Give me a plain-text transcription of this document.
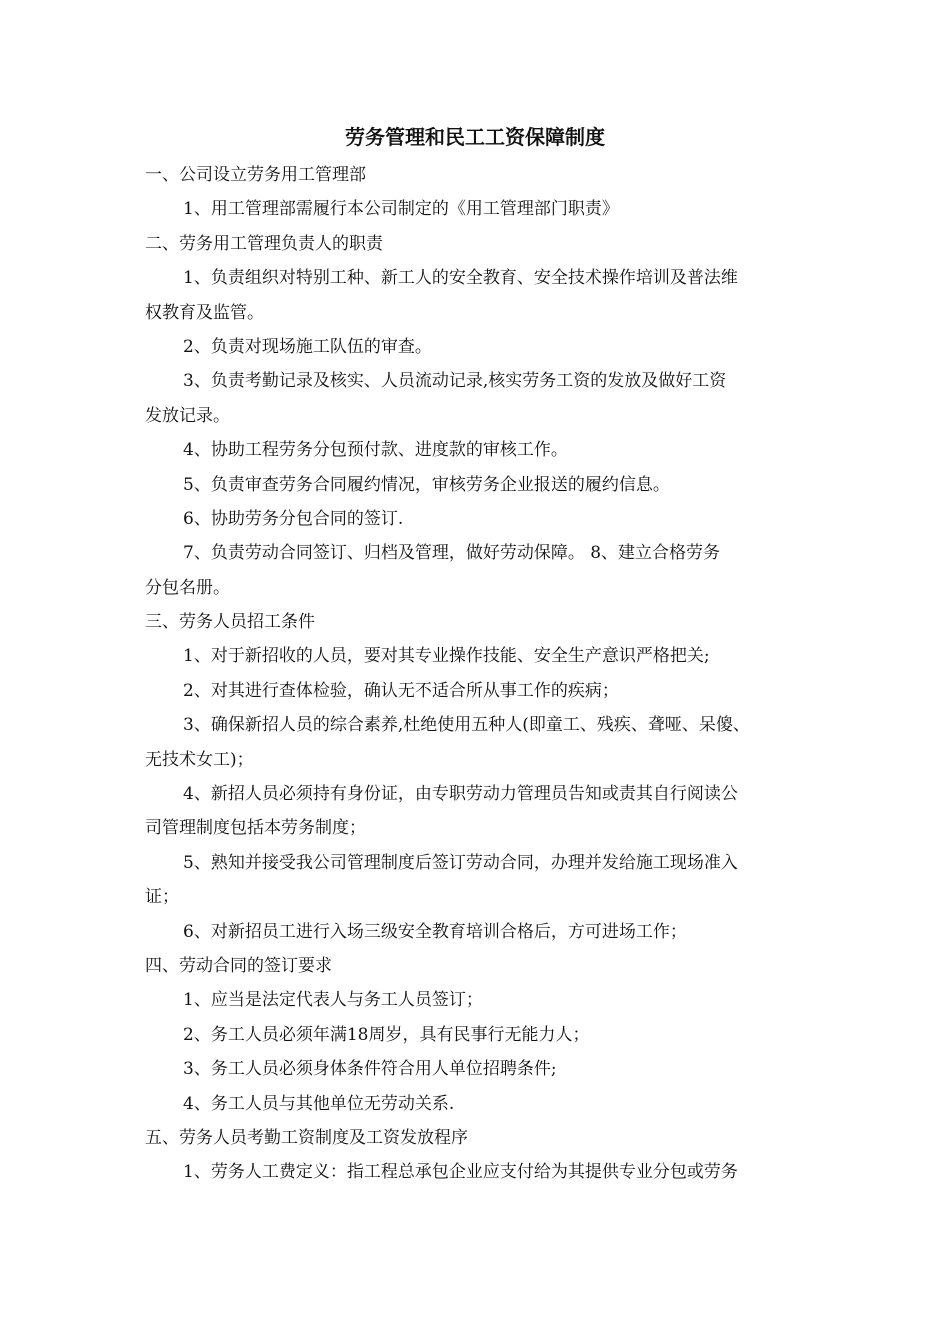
劳务管理和民工工资保障制度

一、公司设立劳务用工管理部

1、用工管理部需履行本公司制定的《用工管理部门职责》

二、劳务用工管理负责人的职责

1、负责组织对特别工种、新工人的安全教育、安全技术操作培训及普法维

权教育及监管。

2、负责对现场施工队伍的审查。

3、负责考勤记录及核实、人员流动记录,核实劳务工资的发放及做好工资

发放记录。

4、协助工程劳务分包预付款、进度款的审核工作。

5、负责审查劳务合同履约情况，审核劳务企业报送的履约信息。

6、协助劳务分包合同的签订.

7、负责劳动合同签订、归档及管理，做好劳动保障。 8、建立合格劳务

分包名册。

三、劳务人员招工条件

1、对于新招收的人员，要对其专业操作技能、安全生产意识严格把关;

2、对其进行查体检验，确认无不适合所从事工作的疾病；

3、确保新招人员的综合素养,杜绝使用五种人(即童工、残疾、聋哑、呆傻、

无技术女工)；

4、新招人员必须持有身份证，由专职劳动力管理员告知或责其自行阅读公

司管理制度包括本劳务制度；

5、熟知并接受我公司管理制度后签订劳动合同，办理并发给施工现场准入

证；

6、对新招员工进行入场三级安全教育培训合格后，方可进场工作；

四、劳动合同的签订要求

1、应当是法定代表人与务工人员签订；

2、务工人员必须年满18周岁，具有民事行无能力人；

3、务工人员必须身体条件符合用人单位招聘条件;

4、务工人员与其他单位无劳动关系.

五、劳务人员考勤工资制度及工资发放程序

1、劳务人工费定义：指工程总承包企业应支付给为其提供专业分包或劳务
